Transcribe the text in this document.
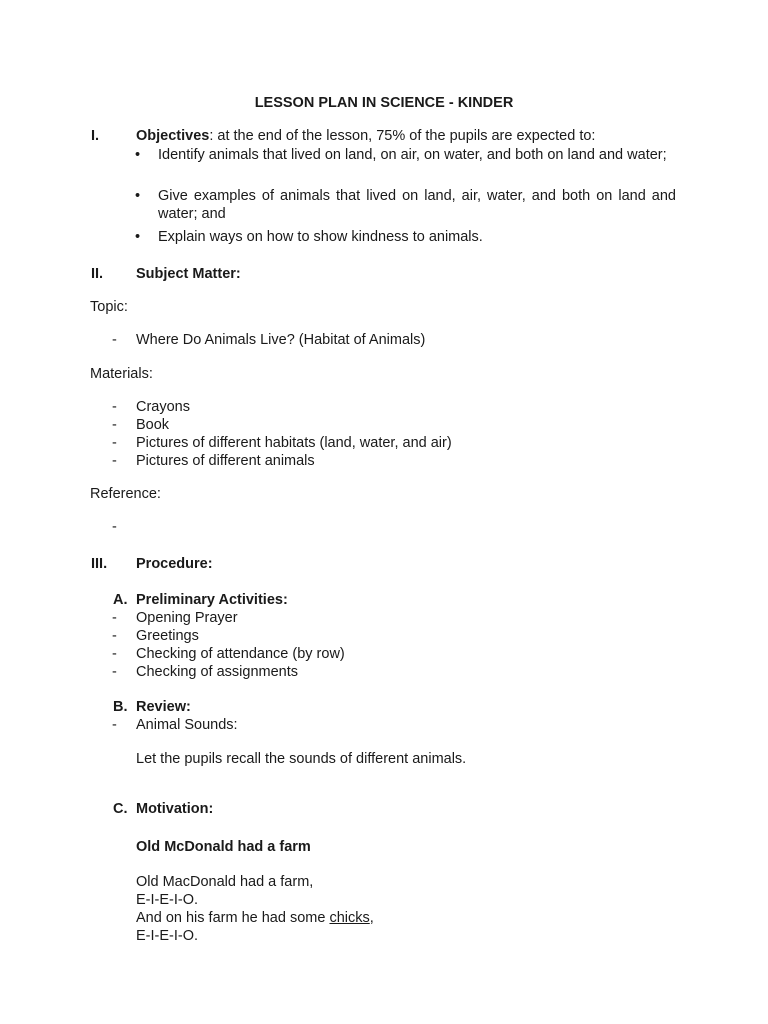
LESSON PLAN IN SCIENCE - KINDER
I.	Objectives: at the end of the lesson, 75% of the pupils are expected to:
• Identify animals that lived on land, on air, on water, and both on land and water;
• Give examples of animals that lived on land, air, water, and both on land and water; and
• Explain ways on how to show kindness to animals.
II. Subject Matter:
Topic:
- Where Do Animals Live? (Habitat of Animals)
Materials:
- Crayons
- Book
- Pictures of different habitats (land, water, and air)
- Pictures of different animals
Reference:
-
III. Procedure:
A. Preliminary Activities:
- Opening Prayer
- Greetings
- Checking of attendance (by row)
- Checking of assignments
B. Review:
- Animal Sounds:
Let the pupils recall the sounds of different animals.
C. Motivation:
Old McDonald had a farm
Old MacDonald had a farm,
E-I-E-I-O.
And on his farm he had some chicks,
E-I-E-I-O.
